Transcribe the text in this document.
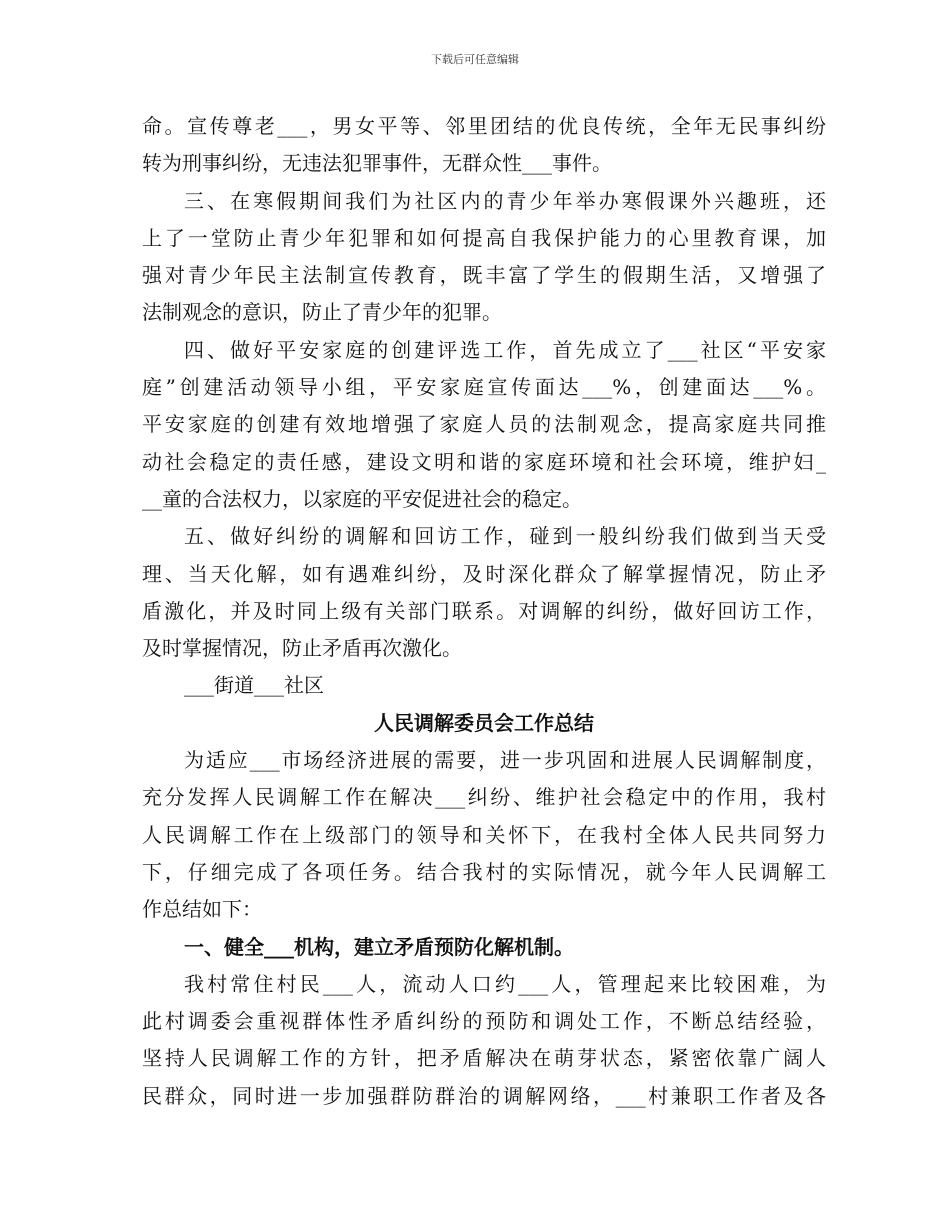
下载后可任意编辑
命。宣传尊老___，男女平等、邻里团结的优良传统，全年无民事纠纷
转为刑事纠纷，无违法犯罪事件，无群众性___事件。
三、在寒假期间我们为社区内的青少年举办寒假课外兴趣班，还
上了一堂防止青少年犯罪和如何提高自我保护能力的心里教育课，加
强对青少年民主法制宣传教育，既丰富了学生的假期生活，又增强了
法制观念的意识，防止了青少年的犯罪。
四、做好平安家庭的创建评选工作，首先成立了___社区“平安家
庭”创建活动领导小组，平安家庭宣传面达___%，创建面达___%。
平安家庭的创建有效地增强了家庭人员的法制观念，提高家庭共同推
动社会稳定的责任感，建设文明和谐的家庭环境和社会环境，维护妇_
__童的合法权力，以家庭的平安促进社会的稳定。
五、做好纠纷的调解和回访工作，碰到一般纠纷我们做到当天受
理、当天化解，如有遇难纠纷，及时深化群众了解掌握情况，防止矛
盾激化，并及时同上级有关部门联系。对调解的纠纷，做好回访工作，
及时掌握情况，防止矛盾再次激化。
___街道___社区
人民调解委员会工作总结
为适应___市场经济进展的需要，进一步巩固和进展人民调解制度，
充分发挥人民调解工作在解决___纠纷、维护社会稳定中的作用，我村
人民调解工作在上级部门的领导和关怀下，在我村全体人民共同努力
下，仔细完成了各项任务。结合我村的实际情况，就今年人民调解工
作总结如下：
一、健全___机构，建立矛盾预防化解机制。
我村常住村民___人，流动人口约___人，管理起来比较困难，为
此村调委会重视群体性矛盾纠纷的预防和调处工作，不断总结经验，
坚持人民调解工作的方针，把矛盾解决在萌芽状态，紧密依靠广阔人
民群众，同时进一步加强群防群治的调解网络，___村兼职工作者及各
